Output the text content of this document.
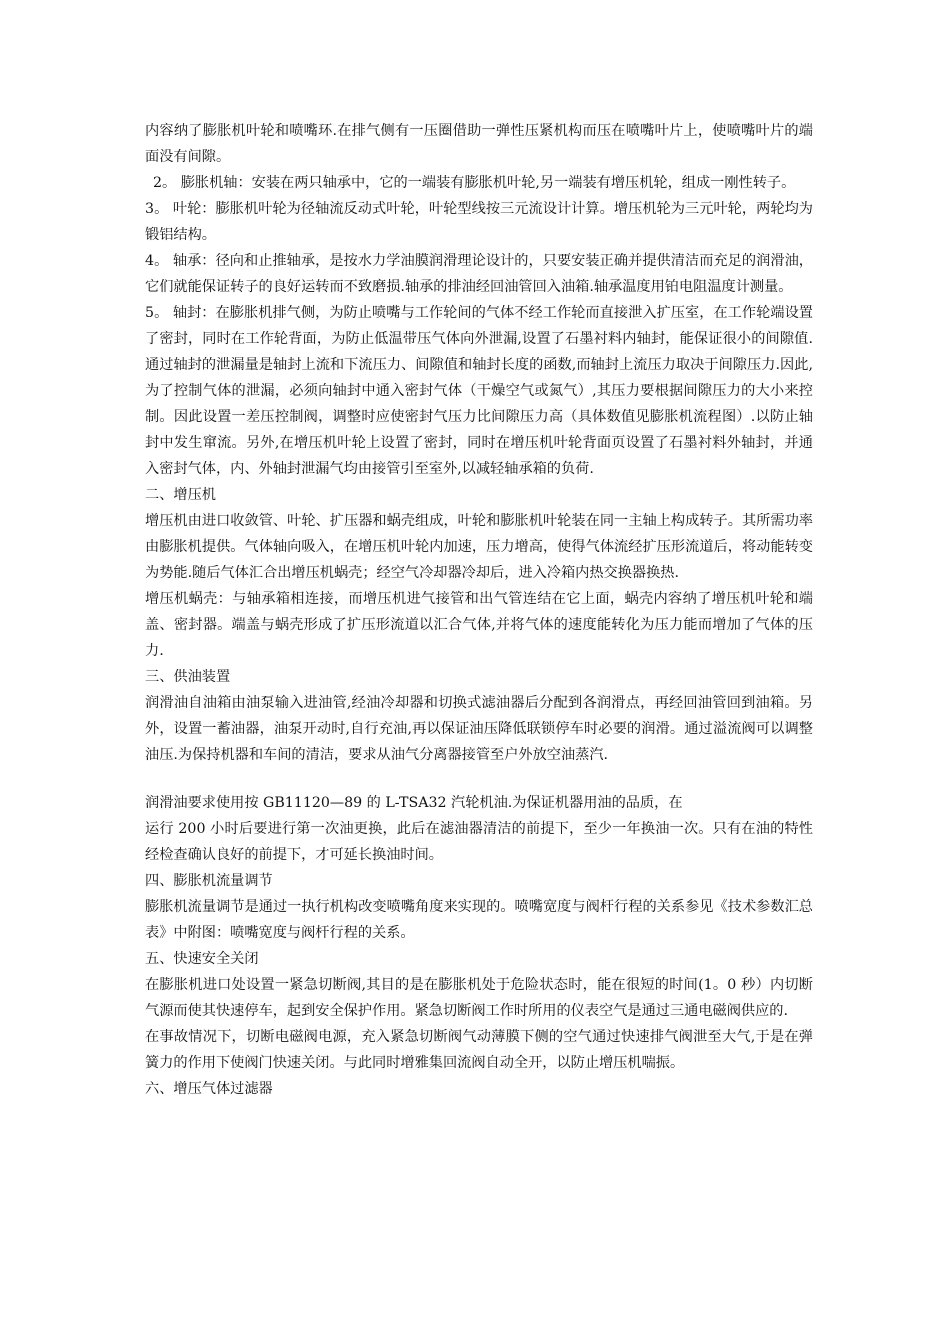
内容纳了膨胀机叶轮和喷嘴环.在排气侧有一压圈借助一弹性压紧机构而压在喷嘴叶片上，使喷嘴叶片的端面没有间隙。

2。 膨胀机轴：安装在两只轴承中，它的一端装有膨胀机叶轮,另一端装有增压机轮，组成一刚性转子。

3。 叶轮：膨胀机叶轮为径轴流反动式叶轮，叶轮型线按三元流设计计算。增压机轮为三元叶轮，两轮均为锻铝结构。

4。 轴承：径向和止推轴承，是按水力学油膜润滑理论设计的，只要安装正确并提供清洁而充足的润滑油，它们就能保证转子的良好运转而不致磨损.轴承的排油经回油管回入油箱.轴承温度用铂电阻温度计测量。

5。 轴封：在膨胀机排气侧，为防止喷嘴与工作轮间的气体不经工作轮而直接泄入扩压室，在工作轮端设置了密封，同时在工作轮背面，为防止低温带压气体向外泄漏,设置了石墨衬料内轴封，能保证很小的间隙值.通过轴封的泄漏量是轴封上流和下流压力、间隙值和轴封长度的函数,而轴封上流压力取决于间隙压力.因此,为了控制气体的泄漏，必须向轴封中通入密封气体（干燥空气或氮气）,其压力要根据间隙压力的大小来控制。因此设置一差压控制阀，调整时应使密封气压力比间隙压力高（具体数值见膨胀机流程图）.以防止轴封中发生窜流。另外,在增压机叶轮上设置了密封，同时在增压机叶轮背面页设置了石墨衬料外轴封，并通入密封气体，内、外轴封泄漏气均由接管引至室外,以减轻轴承箱的负荷.

二、增压机

增压机由进口收敛管、叶轮、扩压器和蜗壳组成，叶轮和膨胀机叶轮装在同一主轴上构成转子。其所需功率由膨胀机提供。气体轴向吸入，在增压机叶轮内加速，压力增高，使得气体流经扩压形流道后，将动能转变为势能.随后气体汇合出增压机蜗壳；经空气冷却器冷却后，进入冷箱内热交换器换热.

增压机蜗壳：与轴承箱相连接，而增压机进气接管和出气管连结在它上面，蜗壳内容纳了增压机叶轮和端盖、密封器。端盖与蜗壳形成了扩压形流道以汇合气体,并将气体的速度能转化为压力能而增加了气体的压力.

三、供油装置

润滑油自油箱由油泵输入进油管,经油冷却器和切换式滤油器后分配到各润滑点，再经回油管回到油箱。另外，设置一蓄油器，油泵开动时,自行充油,再以保证油压降低联锁停车时必要的润滑。通过溢流阀可以调整油压.为保持机器和车间的清洁，要求从油气分离器接管至户外放空油蒸汽.

润滑油要求使用按 GB11120—89 的 L-TSA32 汽轮机油.为保证机器用油的品质，在

运行 200 小时后要进行第一次油更换，此后在滤油器清洁的前提下，至少一年换油一次。只有在油的特性经检查确认良好的前提下，才可延长换油时间。

四、膨胀机流量调节

膨胀机流量调节是通过一执行机构改变喷嘴角度来实现的。喷嘴宽度与阀杆行程的关系参见《技术参数汇总表》中附图：喷嘴宽度与阀杆行程的关系。

五、快速安全关闭

在膨胀机进口处设置一紧急切断阀,其目的是在膨胀机处于危险状态时，能在很短的时间(1。0 秒）内切断气源而使其快速停车，起到安全保护作用。紧急切断阀工作时所用的仪表空气是通过三通电磁阀供应的.

在事故情况下，切断电磁阀电源，充入紧急切断阀气动薄膜下侧的空气通过快速排气阀泄至大气,于是在弹簧力的作用下使阀门快速关闭。与此同时增雅集回流阀自动全开，以防止增压机喘振。

六、增压气体过滤器
